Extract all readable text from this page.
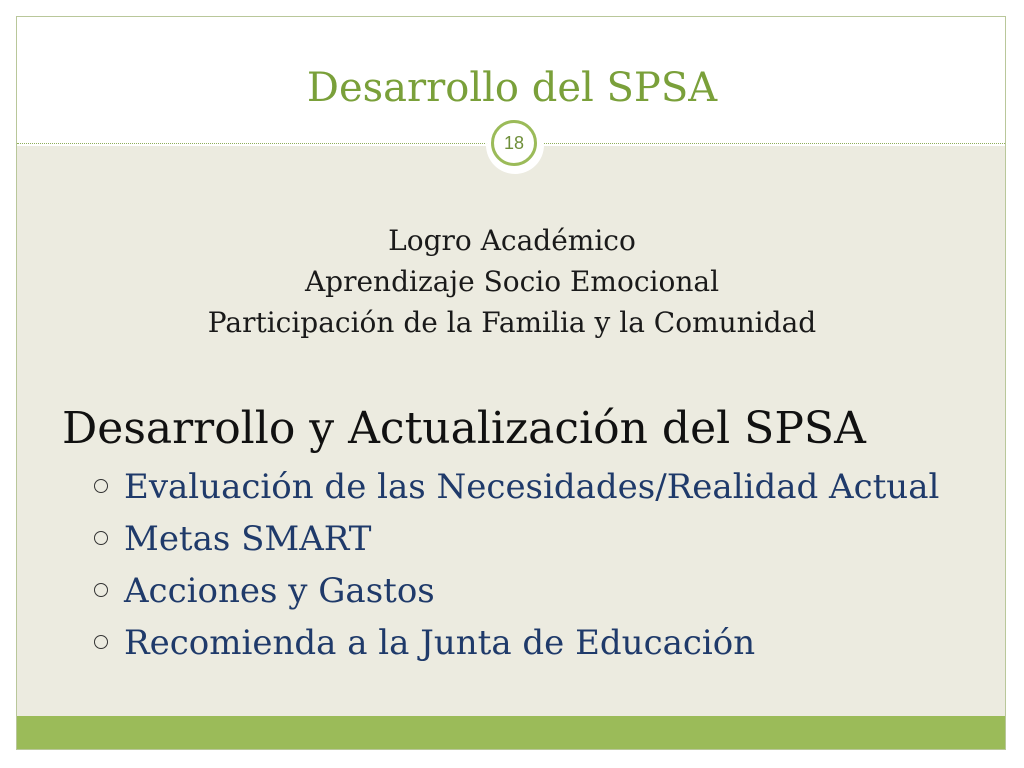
Desarrollo del SPSA
18
Logro Académico
Aprendizaje Socio Emocional
Participación de la Familia y la Comunidad
Desarrollo y Actualización del SPSA
Evaluación de las Necesidades/Realidad Actual
Metas SMART
Acciones y Gastos
Recomienda a la Junta de Educación
